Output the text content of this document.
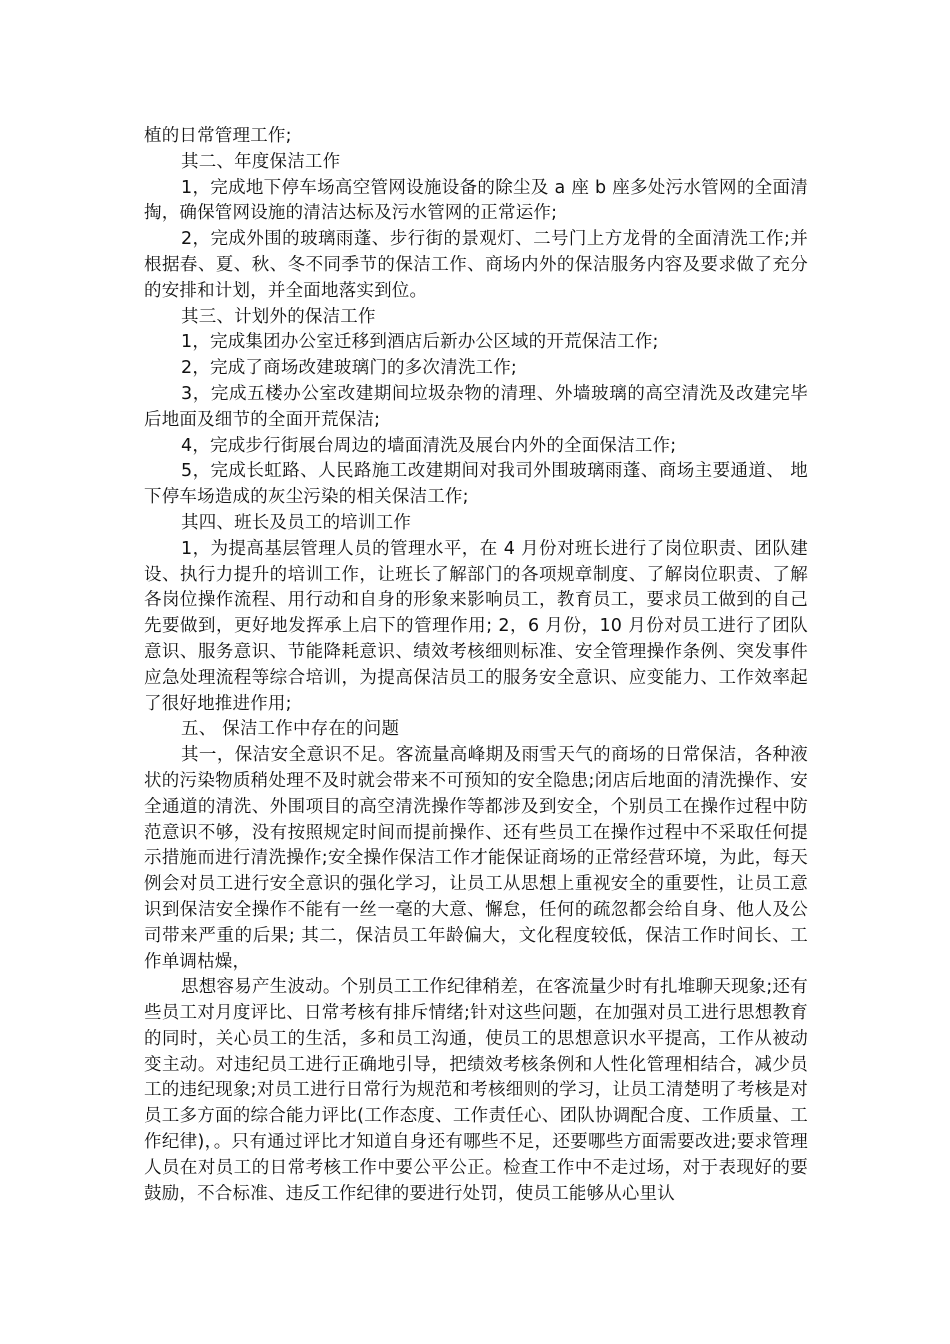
植的日常管理工作;

其二、年度保洁工作

1，完成地下停车场高空管网设施设备的除尘及 a 座 b 座多处污水管网的全面清掏，确保管网设施的清洁达标及污水管网的正常运作;

2，完成外围的玻璃雨蓬、步行街的景观灯、二号门上方龙骨的全面清洗工作;并根据春、夏、秋、冬不同季节的保洁工作、商场内外的保洁服务内容及要求做了充分的安排和计划，并全面地落实到位。

其三、计划外的保洁工作

1，完成集团办公室迁移到酒店后新办公区域的开荒保洁工作;

2，完成了商场改建玻璃门的多次清洗工作;

3，完成五楼办公室改建期间垃圾杂物的清理、外墙玻璃的高空清洗及改建完毕后地面及细节的全面开荒保洁;

4，完成步行街展台周边的墙面清洗及展台内外的全面保洁工作;

5，完成长虹路、人民路施工改建期间对我司外围玻璃雨蓬、商场主要通道、 地下停车场造成的灰尘污染的相关保洁工作;

其四、班长及员工的培训工作

1，为提高基层管理人员的管理水平，在 4 月份对班长进行了岗位职责、团队建设、执行力提升的培训工作，让班长了解部门的各项规章制度、了解岗位职责、了解各岗位操作流程、用行动和自身的形象来影响员工，教育员工，要求员工做到的自己先要做到，更好地发挥承上启下的管理作用; 2，6 月份，10 月份对员工进行了团队意识、服务意识、节能降耗意识、绩效考核细则标准、安全管理操作条例、突发事件应急处理流程等综合培训，为提高保洁员工的服务安全意识、应变能力、工作效率起了很好地推进作用;

五、 保洁工作中存在的问题

其一，保洁安全意识不足。客流量高峰期及雨雪天气的商场的日常保洁，各种液状的污染物质稍处理不及时就会带来不可预知的安全隐患;闭店后地面的清洗操作、安全通道的清洗、外围项目的高空清洗操作等都涉及到安全，个别员工在操作过程中防范意识不够，没有按照规定时间而提前操作、还有些员工在操作过程中不采取任何提示措施而进行清洗操作;安全操作保洁工作才能保证商场的正常经营环境，为此，每天例会对员工进行安全意识的强化学习，让员工从思想上重视安全的重要性，让员工意识到保洁安全操作不能有一丝一毫的大意、懈怠，任何的疏忽都会给自身、他人及公司带来严重的后果; 其二，保洁员工年龄偏大，文化程度较低，保洁工作时间长、工作单调枯燥，

思想容易产生波动。个别员工工作纪律稍差，在客流量少时有扎堆聊天现象;还有些员工对月度评比、日常考核有排斥情绪;针对这些问题，在加强对员工进行思想教育的同时，关心员工的生活，多和员工沟通，使员工的思想意识水平提高，工作从被动变主动。对违纪员工进行正确地引导，把绩效考核条例和人性化管理相结合，减少员工的违纪现象;对员工进行日常行为规范和考核细则的学习，让员工清楚明了考核是对员工多方面的综合能力评比(工作态度、工作责任心、团队协调配合度、工作质量、工作纪律)，。只有通过评比才知道自身还有哪些不足，还要哪些方面需要改进;要求管理人员在对员工的日常考核工作中要公平公正。检查工作中不走过场，对于表现好的要鼓励，不合标准、违反工作纪律的要进行处罚，使员工能够从心里认
